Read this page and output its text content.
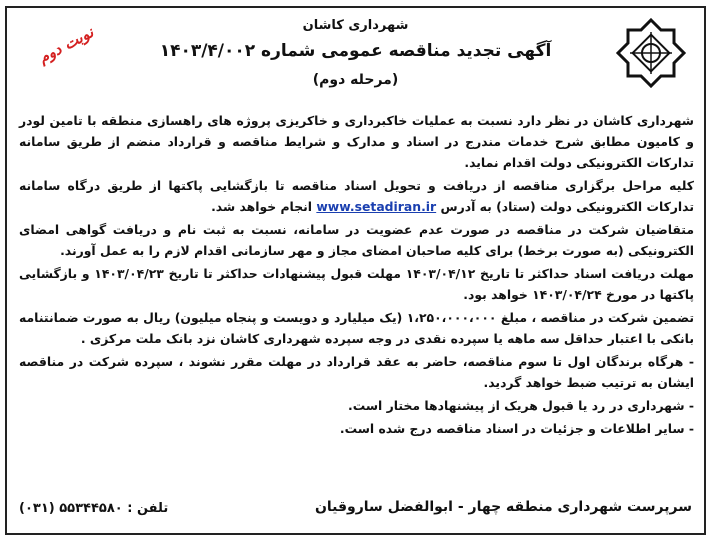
شهرداری کاشان
آگهی تجدید مناقصه عمومی شماره ۱۴۰۳/۴/۰۰۲
(مرحله دوم)
نوبت دوم

شهرداری کاشان در نظر دارد نسبت به عملیات خاکبرداری و خاکریزی پروژه های راهسازی منطقه با تامین لودر و کامیون مطابق شرح خدمات مندرج در اسناد و مدارک و شرایط مناقصه و قرارداد منضم از طریق سامانه تدارکات الکترونیکی دولت اقدام نماید.

کلیه مراحل برگزاری مناقصه از دریافت و تحویل اسناد مناقصه تا بازگشایی پاکتها از طریق درگاه سامانه تدارکات الکترونیکی دولت (ستاد) به آدرس www.setadiran.ir انجام خواهد شد.

متقاضیان شرکت در مناقصه در صورت عدم عضویت در سامانه، نسبت به ثبت نام و دریافت گواهی امضای الکترونیکی (به صورت برخط) برای کلیه صاحبان امضای مجاز و مهر سازمانی اقدام لازم را به عمل آورند.

مهلت دریافت اسناد حداکثر تا تاریخ ۱۴۰۳/۰۴/۱۲ مهلت قبول پیشنهادات حداکثر تا تاریخ ۱۴۰۳/۰۴/۲۳ و بازگشایی پاکتها در مورخ ۱۴۰۳/۰۴/۲۴ خواهد بود.

تضمین شرکت در مناقصه ، مبلغ ۱،۲۵۰،۰۰۰،۰۰۰ (یک میلیارد و دویست و پنجاه میلیون) ریال به صورت ضمانتنامه بانکی با اعتبار حداقل سه ماهه یا سپرده نقدی در وجه سپرده شهرداری کاشان نزد بانک ملت مرکزی .

- هرگاه برندگان اول تا سوم مناقصه، حاضر به عقد قرارداد در مهلت مقرر نشوند ، سپرده شرکت در مناقصه ایشان به ترتیب ضبط خواهد گردید.

- شهرداری در رد یا قبول هریک از پیشنهادها مختار است.

- سایر اطلاعات و جزئیات در اسناد مناقصه درج شده است.

سرپرست شهرداری منطقه چهار - ابوالفضل ساروقیان
تلفن : ۵۵۳۴۴۵۸۰ (۰۳۱)
